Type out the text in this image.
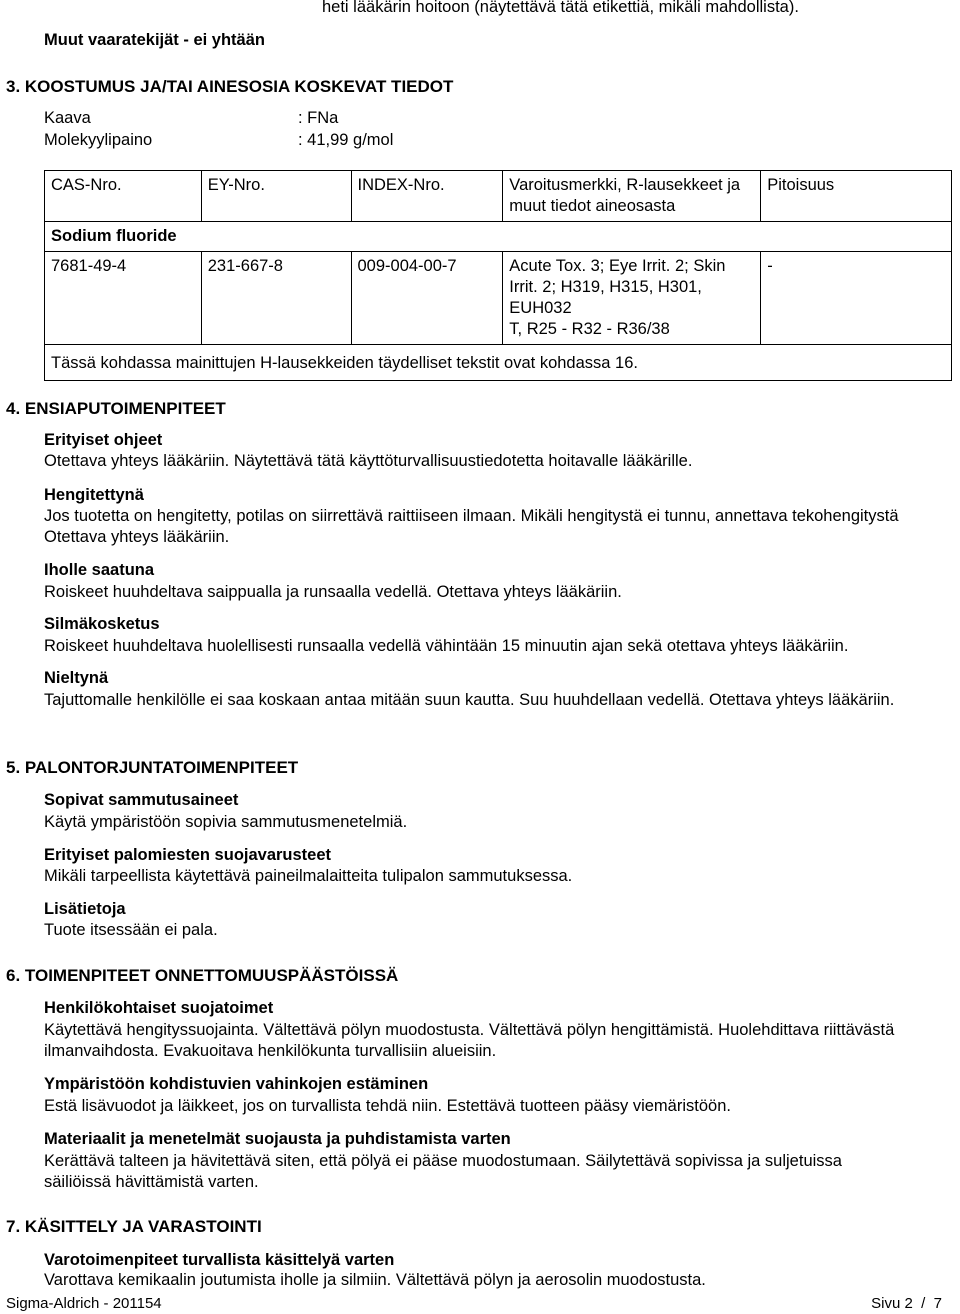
heti lääkärin hoitoon (näytettävä tätä etikettiä, mikäli mahdollista).
Muut vaaratekijät - ei yhtään
3. KOOSTUMUS JA/TAI AINESOSIA KOSKEVAT TIEDOT
Kaava	: FNa
Molekyylipaino	: 41,99 g/mol
CAS-Nro.	EY-Nro.	INDEX-Nro.	Varoitusmerkki, R-lausekkeet ja muut tiedot aineosasta	Pitoisuus
Sodium fluoride				
7681-49-4	231-667-8	009-004-00-7	Acute Tox. 3; Eye Irrit. 2; Skin
Irrit. 2; H319, H315, H301,
EUH032
T, R25 - R32 - R36/38	-
Tässä kohdassa mainittujen H-lausekkeiden täydelliset tekstit ovat kohdassa 16.				
4. ENSIAPUTOIMENPITEET
Erityiset ohjeet
Otettava yhteys lääkäriin. Näytettävä tätä käyttöturvallisuustiedotetta hoitavalle lääkärille.
Hengitettynä
Jos tuotetta on hengitetty, potilas on siirrettävä raittiiseen ilmaan. Mikäli hengitystä ei tunnu, annettava tekohengitystä Otettava yhteys lääkäriin.
Iholle saatuna
Roiskeet huuhdeltava saippualla ja runsaalla vedellä. Otettava yhteys lääkäriin.
Silmäkosketus
Roiskeet huuhdeltava huolellisesti runsaalla vedellä vähintään 15 minuutin ajan sekä otettava yhteys lääkäriin.
Nieltynä
Tajuttomalle henkilölle ei saa koskaan antaa mitään suun kautta. Suu huuhdellaan vedellä. Otettava yhteys lääkäriin.
5. PALONTORJUNTATOIMENPITEET
Sopivat sammutusaineet
Käytä ympäristöön sopivia sammutusmenetelmiä.
Erityiset palomiesten suojavarusteet
Mikäli tarpeellista käytettävä paineilmalaitteita tulipalon sammutuksessa.
Lisätietoja
Tuote itsessään ei pala.
6. TOIMENPITEET ONNETTOMUUSPÄÄSTÖISSÄ
Henkilökohtaiset suojatoimet
Käytettävä hengityssuojainta. Vältettävä pölyn muodostusta. Vältettävä pölyn hengittämistä. Huolehdittava riittävästä ilmanvaihdosta. Evakuoitava henkilökunta turvallisiin alueisiin.
Ympäristöön kohdistuvien vahinkojen estäminen
Estä lisävuodot ja läikkeet, jos on turvallista tehdä niin. Estettävä tuotteen pääsy viemäristöön.
Materiaalit ja menetelmät suojausta ja puhdistamista varten
Kerättävä talteen ja hävitettävä siten, että pölyä ei pääse muodostumaan. Säilytettävä sopivissa ja suljetuissa säiliöissä hävittämistä varten.
7. KÄSITTELY JA VARASTOINTI
Varotoimenpiteet turvallista käsittelyä varten
Varottava kemikaalin joutumista iholle ja silmiin. Vältettävä pölyn ja aerosolin muodostusta.
Sigma-Aldrich - 201154	Sivu 2  /  7
